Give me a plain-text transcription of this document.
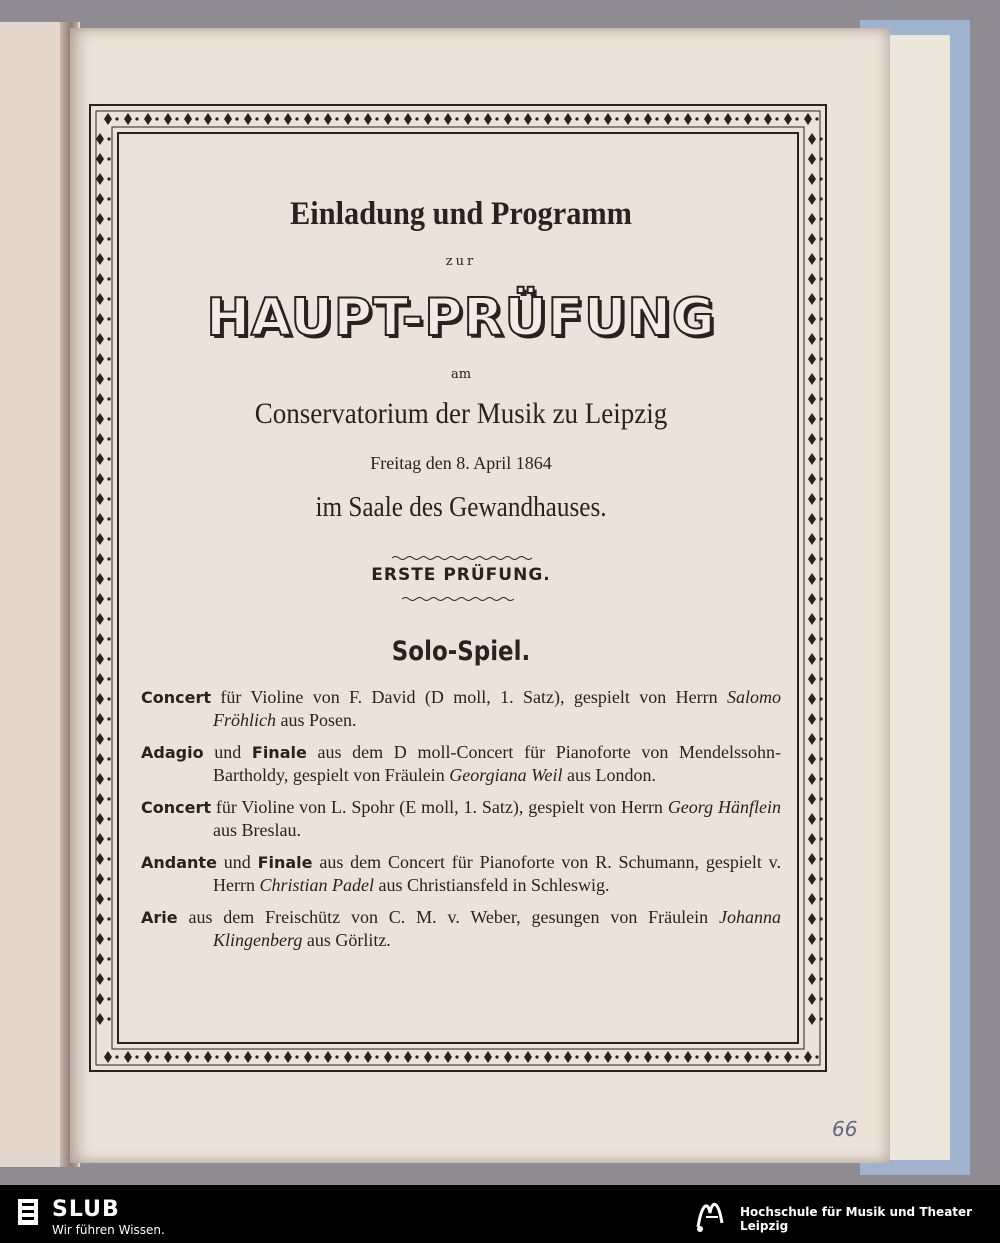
Einladung und Programm
zur
HAUPT-PRÜFUNG
am
Conservatorium der Musik zu Leipzig
Freitag den 8. April 1864
im Saale des Gewandhauses.
ERSTE PRÜFUNG.
Solo-Spiel.

Concert für Violine von F. David (D moll, 1. Satz), gespielt von Herrn Salomo Fröhlich aus Posen.

Adagio und Finale aus dem D moll-Concert für Pianoforte von Mendelssohn-Bartholdy, gespielt von Fräulein Georgiana Weil aus London.

Concert für Violine von L. Spohr (E moll, 1. Satz), gespielt von Herrn Georg Hänflein aus Breslau.

Andante und Finale aus dem Concert für Pianoforte von R. Schumann, gespielt v. Herrn Christian Padel aus Christiansfeld in Schleswig.

Arie aus dem Freischütz von C. M. v. Weber, gesungen von Fräulein Johanna Klingenberg aus Görlitz.

66
SLUB
Wir führen Wissen.
Hochschule für Musik und Theater Leipzig
